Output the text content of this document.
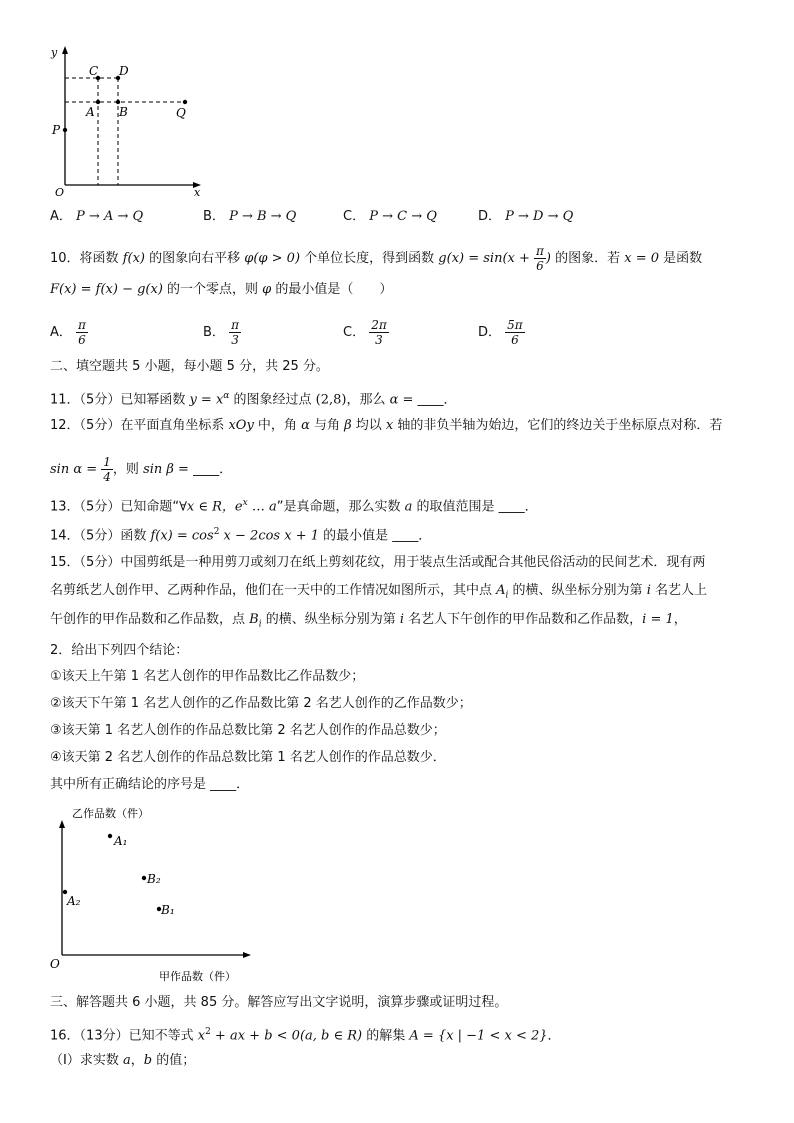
y
x
O
C D
A B	Q
P
A． P → A → Q	B． P → B → Q	C． P → C → Q	D． P → D → Q
10．将函数 f(x) 的图象向右平移 φ(φ > 0) 个单位长度，得到函数 $g(x) = \sin(x + \frac{\pi}{6}$ ) 的图象．若 x = 0 是函数
F(x) = f(x) − g(x) 的一个零点，则 φ 的最小值是（　　）
A． $\frac{\pi}{6}$	B． $\frac{\pi}{3}$	C． $\frac{2\pi}{3}$	D． $\frac{5\pi}{6}$
二、填空题共 5 小题，每小题 5 分，共 25 分。
11．（5分）已知幂函数 $y = x^\alpha$ 的图象经过点 (2,8)，那么 α = ____．
12．（5分）在平面直角坐标系 xOy 中，角 α 与角 β 均以 x 轴的非负半轴为始边，它们的终边关于坐标原点对称．若
$\sin \alpha = \frac{1}{4}$ ，则 sin β = ____．
13．（5分）已知命题“∀x ∈ R，$e^x$ … a”是真命题，那么实数 a 的取值范围是 ____．
14．（5分）函数 $f(x) = \cos^2 x - 2\cos$ x + 1 的最小值是 ____．
15．（5分）中国剪纸是一种用剪刀或刻刀在纸上剪刻花纹，用于装点生活或配合其他民俗活动的民间艺术．现有两
名剪纸艺人创作甲、乙两种作品，他们在一天中的工作情况如图所示，其中点 $A_i$ 的横、纵坐标分别为第 i 名艺人上
午创作的甲作品数和乙作品数，点 $B_i$ 的横、纵坐标分别为第 i 名艺人下午创作的甲作品数和乙作品数，i = 1，
2．给出下列四个结论：
①该天上午第 1 名艺人创作的甲作品数比乙作品数少；
②该天下午第 1 名艺人创作的乙作品数比第 2 名艺人创作的乙作品数少；
③该天第 1 名艺人创作的作品总数比第 2 名艺人创作的作品总数少；
④该天第 2 名艺人创作的作品总数比第 1 名艺人创作的作品总数少．
其中所有正确结论的序号是 ____．
乙作品数（件）
甲作品数（件）
O
A₁
B₂
A₂
B₁
三、解答题共 6 小题，共 85 分。解答应写出文字说明，演算步骤或证明过程。
16．（13分）已知不等式 $x^2$ + ax + b < 0(a, b ∈ R) 的解集 A = {x | −1 < x < 2}．
（Ⅰ）求实数 a，b 的值；
